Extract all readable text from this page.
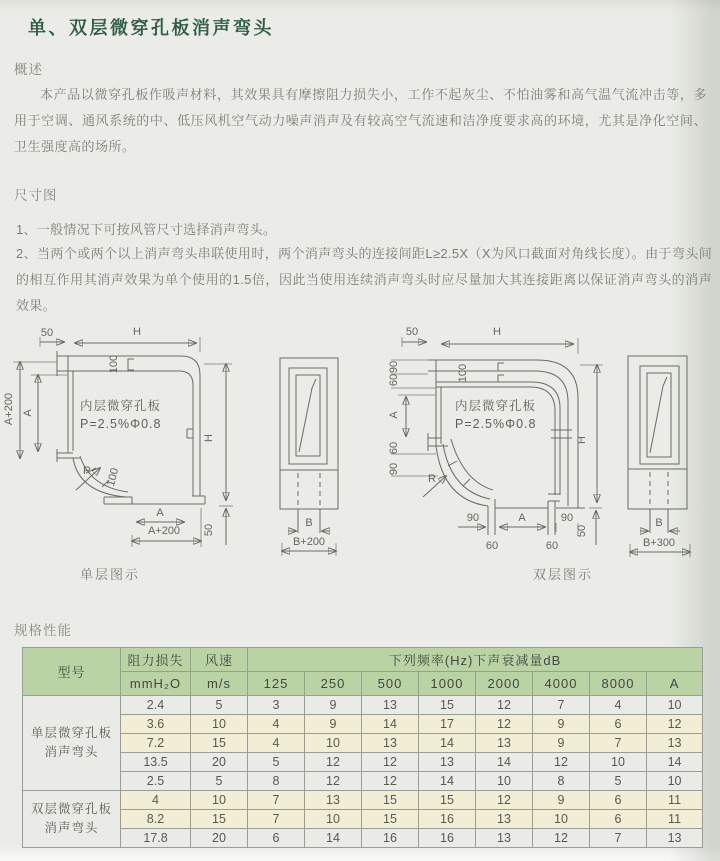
单、双层微穿孔板消声弯头
概述

本产品以微穿孔板作吸声材料，其效果具有摩擦阻力损失小，工作不起灰尘、不怕油雾和高气温气流冲击等，多用于空调、通风系统的中、低压风机空气动力噪声消声及有较高空气流速和洁净度要求高的环境，尤其是净化空间、卫生强度高的场所。

尺寸图

1、一般情况下可按风管尺寸选择消声弯头。

2、当两个或两个以上消声弯头串联使用时，两个消声弯头的连接间距L≥2.5X（X为风口截面对角线长度）。由于弯头间的相互作用其消声效果为单个使用的1.5倍，因此当使用连续消声弯头时应尽量加大其连接距离以保证消声弯头的消声效果。

内层微穿孔板
P=2.5%Φ0.8
50	H
A+200 A
100
100
R
A
A+200 50
H
单层图示
B
B+200
内层微穿孔板
P=2.5%Φ0.8
50	H
90
60
A
60
90
100
R
90	A	90
60	60
50
H
双层图示
B
B+300
规格性能
型号	阻力损失	风速	下列频率(Hz)下声衰减量dB							
	mmH₂O	m/s	125	250	500	1000	2000	4000	8000	A

单层微穿孔板
消声弯头	2.4	5	3	9	13	15	12	7	4	10
	3.6	10	4	9	14	17	12	9	6	12
	7.2	15	4	10	13	14	13	9	7	13
	13.5	20	5	12	12	13	14	12	10	14
	2.5	5	8	12	12	14	10	8	5	10

双层微穿孔板
消声弯头	4	10	7	13	15	15	12	9	6	11
	8.2	15	7	10	15	16	13	10	6	11
	17.8	20	6	14	16	16	13	12	7	13
